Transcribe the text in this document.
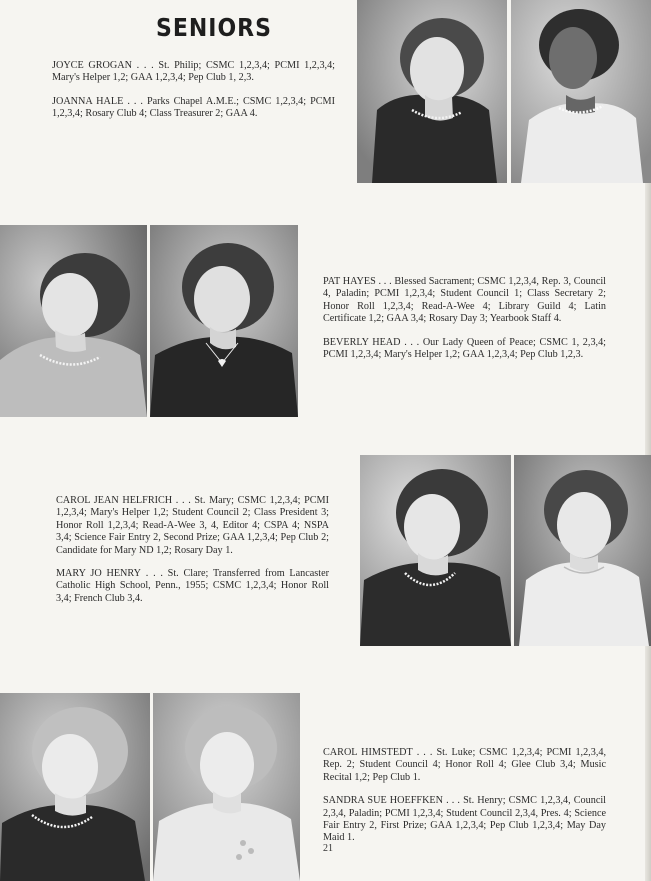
SENIORS

JOYCE GROGAN . . . St. Philip; CSMC 1,2,3,4; PCMI 1,2,3,4; Mary's Helper 1,2; GAA 1,2,3,4; Pep Club 1, 2,3.

JOANNA HALE . . . Parks Chapel A.M.E.; CSMC 1,2,3,4; PCMI 1,2,3,4; Rosary Club 4; Class Treasurer 2; GAA 4.

PAT HAYES . . . Blessed Sacrament; CSMC 1,2,3,4, Rep. 3, Council 4, Paladin; PCMI 1,2,3,4; Student Council 1; Class Secretary 2; Honor Roll 1,2,3,4; Read-A-Wee 4; Library Guild 4; Latin Certificate 1,2; GAA 3,4; Rosary Day 3; Yearbook Staff 4.

BEVERLY HEAD . . . Our Lady Queen of Peace; CSMC 1, 2,3,4; PCMI 1,2,3,4; Mary's Helper 1,2; GAA 1,2,3,4; Pep Club 1,2,3.

CAROL JEAN HELFRICH . . . St. Mary; CSMC 1,2,3,4; PCMI 1,2,3,4; Mary's Helper 1,2; Student Council 2; Class President 3; Honor Roll 1,2,3,4; Read-A-Wee 3, 4, Editor 4; CSPA 4; NSPA 3,4; Science Fair Entry 2, Second Prize; GAA 1,2,3,4; Pep Club 2; Candidate for Mary ND 1,2; Rosary Day 1.

MARY JO HENRY . . . St. Clare; Transferred from Lancaster Catholic High School, Penn., 1955; CSMC 1,2,3,4; Honor Roll 3,4; French Club 3,4.

CAROL HIMSTEDT . . . St. Luke; CSMC 1,2,3,4; PCMI 1,2,3,4, Rep. 2; Student Council 4; Honor Roll 4; Glee Club 3,4; Music Recital 1,2; Pep Club 1.

SANDRA SUE HOEFFKEN . . . St. Henry; CSMC 1,2,3,4, Council 2,3,4, Paladin; PCMI 1,2,3,4; Student Council 2,3,4, Pres. 4; Science Fair Entry 2, First Prize; GAA 1,2,3,4; Pep Club 1,2,3,4; May Day Maid 1.

21
